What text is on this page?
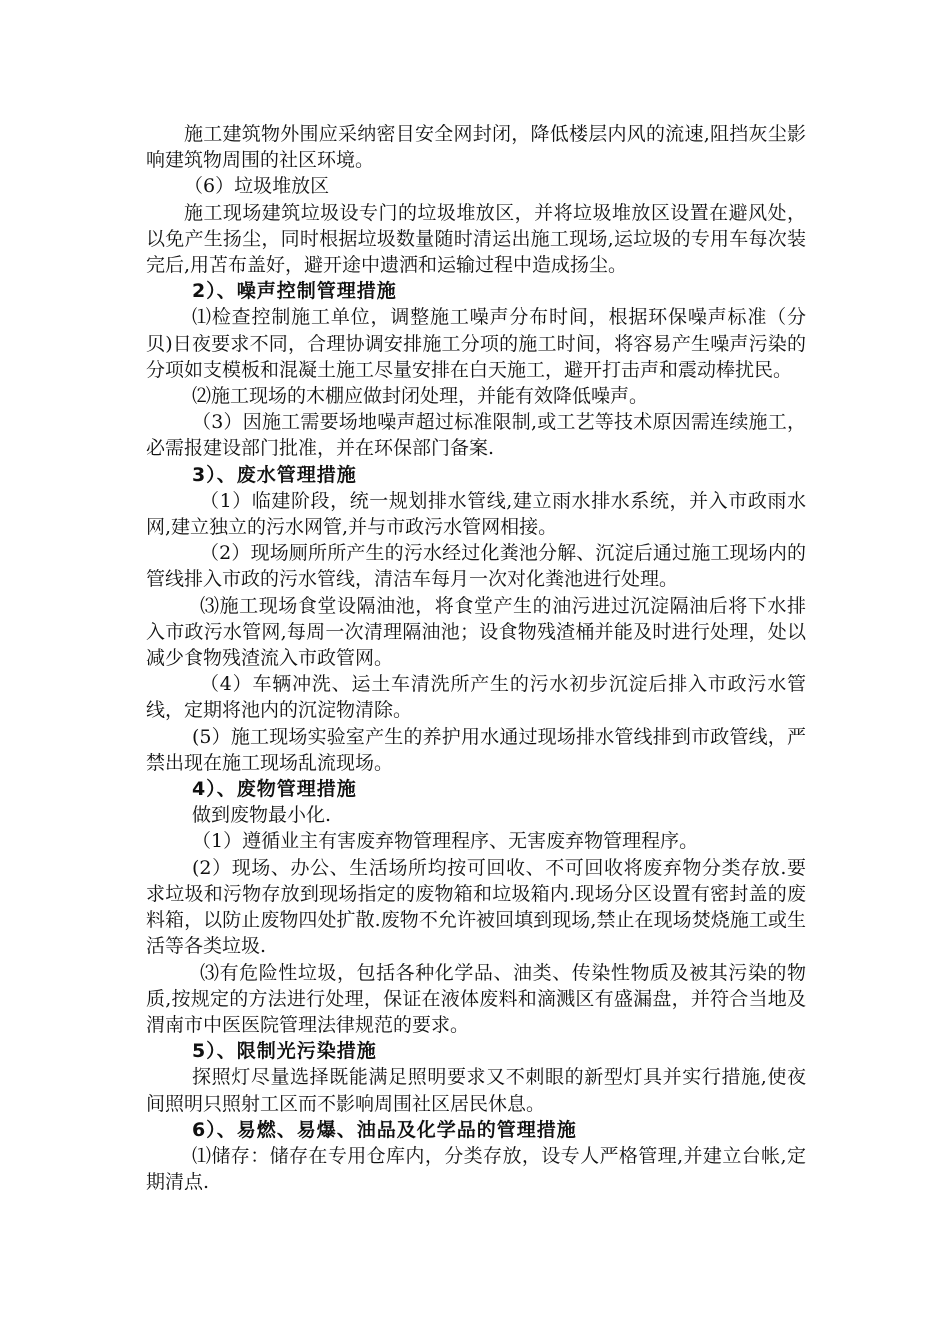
施工建筑物外围应采纳密目安全网封闭，降低楼层内风的流速,阻挡灰尘影响建筑物周围的社区环境。

（6）垃圾堆放区

施工现场建筑垃圾设专门的垃圾堆放区，并将垃圾堆放区设置在避风处，以免产生扬尘，同时根据垃圾数量随时清运出施工现场,运垃圾的专用车每次装完后,用苫布盖好，避开途中遗洒和运输过程中造成扬尘。

2）、噪声控制管理措施

⑴检查控制施工单位，调整施工噪声分布时间，根据环保噪声标准（分贝)日夜要求不同，合理协调安排施工分项的施工时间，将容易产生噪声污染的分项如支模板和混凝土施工尽量安排在白天施工，避开打击声和震动棒扰民。

⑵施工现场的木棚应做封闭处理，并能有效降低噪声。

（3）因施工需要场地噪声超过标准限制,或工艺等技术原因需连续施工，必需报建设部门批准，并在环保部门备案.

3）、废水管理措施

（1）临建阶段，统一规划排水管线,建立雨水排水系统，并入市政雨水网,建立独立的污水网管,并与市政污水管网相接。

（2）现场厕所所产生的污水经过化粪池分解、沉淀后通过施工现场内的管线排入市政的污水管线，清洁车每月一次对化粪池进行处理。

⑶施工现场食堂设隔油池，将食堂产生的油污进过沉淀隔油后将下水排入市政污水管网,每周一次清理隔油池；设食物残渣桶并能及时进行处理，处以减少食物残渣流入市政管网。

（4）车辆冲洗、运土车清洗所产生的污水初步沉淀后排入市政污水管线，定期将池内的沉淀物清除。

(5）施工现场实验室产生的养护用水通过现场排水管线排到市政管线，严禁出现在施工现场乱流现场。

4）、废物管理措施

做到废物最小化.

（1）遵循业主有害废弃物管理程序、无害废弃物管理程序。

(2）现场、办公、生活场所均按可回收、不可回收将废弃物分类存放.要求垃圾和污物存放到现场指定的废物箱和垃圾箱内.现场分区设置有密封盖的废料箱，以防止废物四处扩散.废物不允许被回填到现场,禁止在现场焚烧施工或生活等各类垃圾.

⑶有危险性垃圾，包括各种化学品、油类、传染性物质及被其污染的物质,按规定的方法进行处理，保证在液体废料和滴溅区有盛漏盘，并符合当地及渭南市中医医院管理法律规范的要求。

5）、限制光污染措施

探照灯尽量选择既能满足照明要求又不刺眼的新型灯具并实行措施,使夜间照明只照射工区而不影响周围社区居民休息。

6）、易燃、易爆、油品及化学品的管理措施

⑴储存：储存在专用仓库内，分类存放，设专人严格管理,并建立台帐,定期清点.
